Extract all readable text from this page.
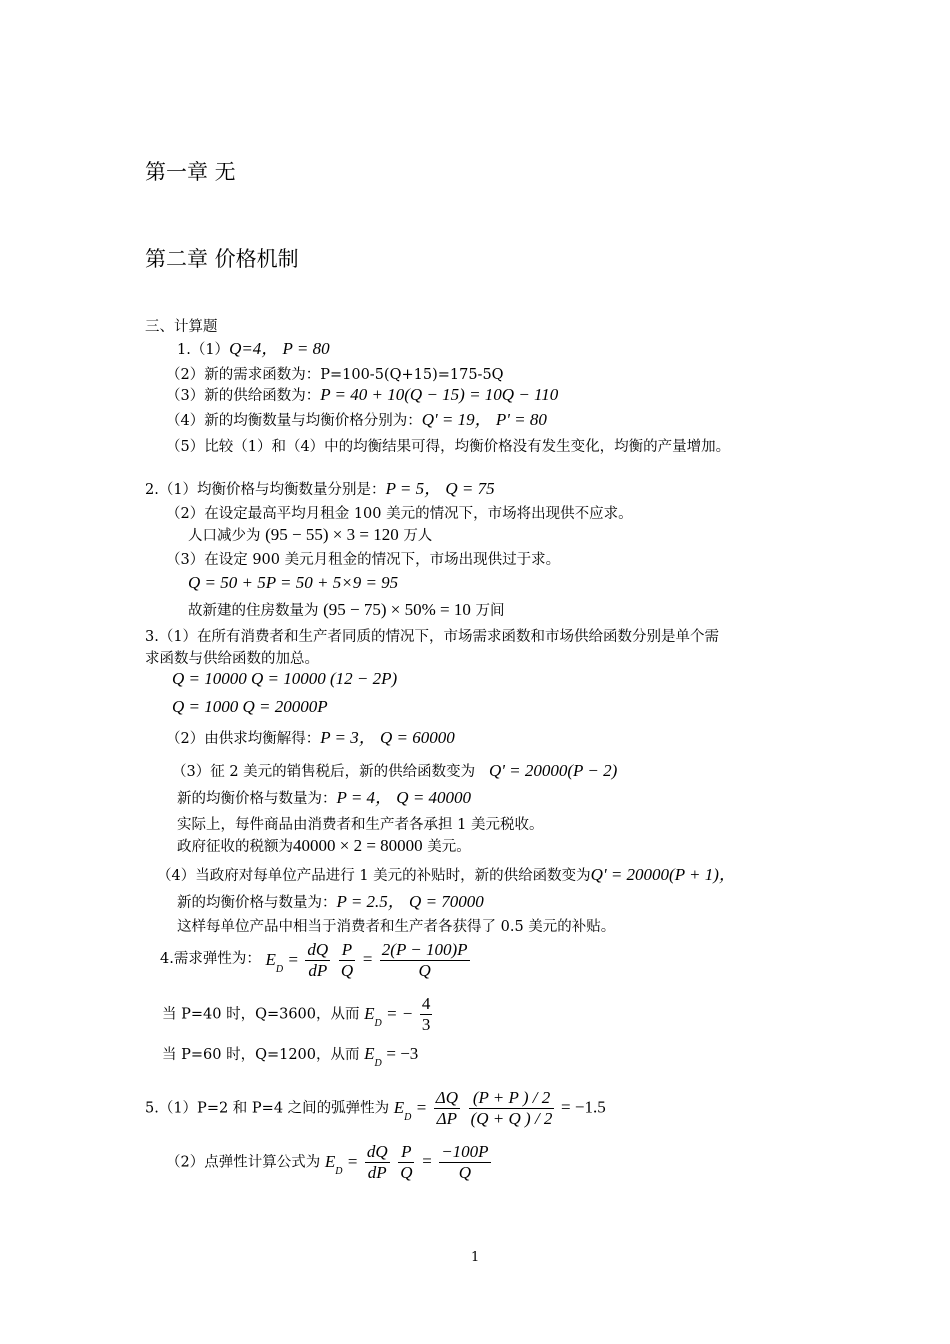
第一章 无
第二章 价格机制
三、计算题
1.（1）Q=4， P = 80
（2）新的需求函数为：P=100-5(Q+15)=175-5Q
（3）新的供给函数为：P = 40 + 10(Q − 15) = 10Q − 110
（4）新的均衡数量与均衡价格分别为：Q' = 19， P' = 80
（5）比较（1）和（4）中的均衡结果可得，均衡价格没有发生变化，均衡的产量增加。
2.（1）均衡价格与均衡数量分别是：P = 5， Q = 75
（2）在设定最高平均月租金 100 美元的情况下，市场将出现供不应求。
人口减少为 (95 − 55) × 3 = 120 万人
（3）在设定 900 美元月租金的情况下，市场出现供过于求。
Q = 50 + 5P = 50 + 5×9 = 95
故新建的住房数量为 (95 − 75) × 50% = 10 万间
3.（1）在所有消费者和生产者同质的情况下，市场需求函数和市场供给函数分别是单个需
求函数与供给函数的加总。
Q = 10000 Q = 10000 (12 − 2P)
Q = 1000 Q = 20000P
（2）由供求均衡解得：P = 3， Q = 60000
（3）征 2 美元的销售税后，新的供给函数变为 Q' = 20000(P − 2)
新的均衡价格与数量为：P = 4， Q = 40000
实际上，每件商品由消费者和生产者各承担 1 美元税收。
政府征收的税额为40000 × 2 = 80000 美元。
（4）当政府对每单位产品进行 1 美元的补贴时，新的供给函数变为Q' = 20000(P + 1)，
新的均衡价格与数量为：P = 2.5， Q = 70000
这样每单位产品中相当于消费者和生产者各获得了 0.5 美元的补贴。
4.需求弹性为： $E_D = \frac{dQ}{dP}$
$\frac{P}{Q} = \frac{2(P - 100)P}{Q}$
当 P=40 时，Q=3600，从而 $E_D$ = − $\frac{4}{3}$
当 P=60 时，Q=1200，从而 $E_D = -3$
5.（1）P=2 和 P=4 之间的弧弹性为 $E_D = \frac{\Delta Q}{\Delta P}$
$\frac{(P + P ) / 2}{(Q + Q ) / 2} = -1.5$
（2）点弹性计算公式为 $E_D = \frac{dQ}{dP}$
$\frac{P}{Q} = \frac{-100P}{Q}$
1
